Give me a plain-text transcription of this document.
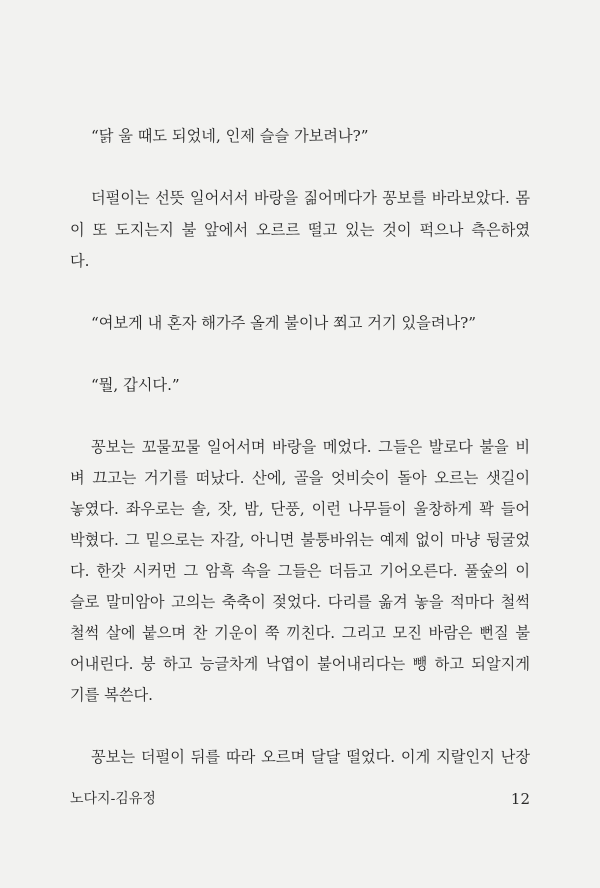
“닭 울 때도 되었네, 인제 슬슬 가보려나?”
더펄이는 선뜻 일어서서 바랑을 짊어메다가 꽁보를 바라보았다. 몸
이 또 도지는지 불 앞에서 오르르 떨고 있는 것이 퍽으나 측은하였
다.
“여보게 내 혼자 해가주 올게 불이나 쬐고 거기 있을려나?”
“뭘, 갑시다.”
꽁보는 꼬물꼬물 일어서며 바랑을 메었다. 그들은 발로다 불을 비
벼 끄고는 거기를 떠났다. 산에, 골을 엇비슷이 돌아 오르는 샛길이
놓였다. 좌우로는 솔, 잣, 밤, 단풍, 이런 나무들이 울창하게 꽉 들어
박혔다. 그 밑으로는 자갈, 아니면 불퉁바위는 예제 없이 마냥 뒹굴었
다. 한갓 시커먼 그 암흑 속을 그들은 더듬고 기어오른다. 풀숲의 이
슬로 말미암아 고의는 축축이 젖었다. 다리를 옮겨 놓을 적마다 철썩
철썩 살에 붙으며 찬 기운이 쭉 끼친다. 그리고 모진 바람은 뻔질 불
어내린다. 붕 하고 능글차게 낙엽이 불어내리다는 뺑 하고 되알지게
기를 복쓴다.
꽁보는 더펄이 뒤를 따라 오르며 달달 떨었다. 이게 지랄인지 난장
노다지-김유정	12
